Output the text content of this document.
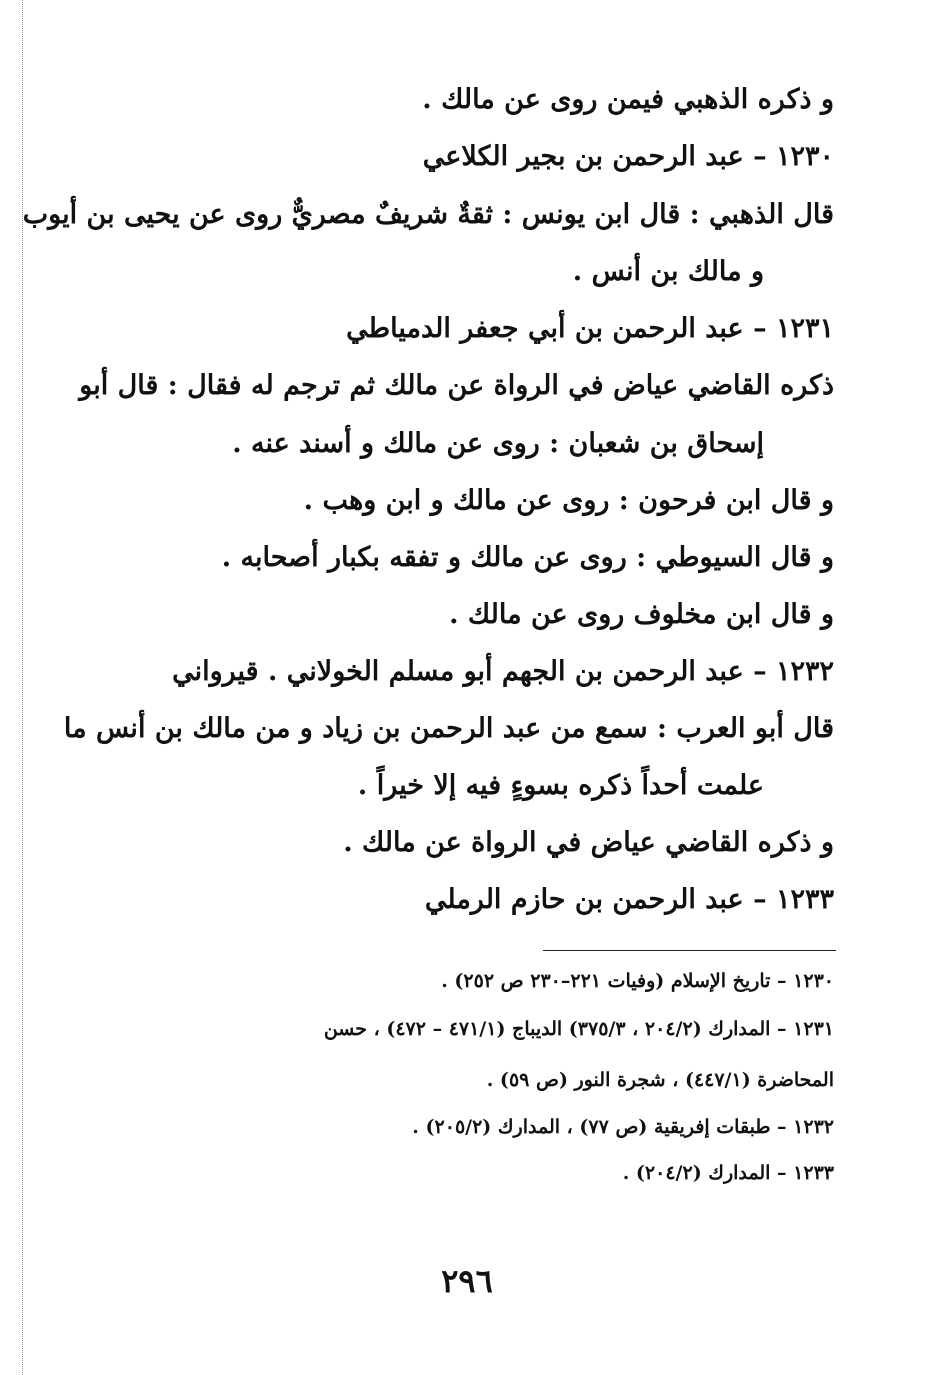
و ذكره الذهبي فيمن روى عن مالك .
١٢٣٠ – عبد الرحمن بن بجير الكلاعي
قال الذهبي : قال ابن يونس : ثقةٌ شريفٌ مصريٌّ روى عن يحيى بن أيوب
و مالك بن أنس .
١٢٣١ – عبد الرحمن بن أبي جعفر الدمياطي
ذكره القاضي عياض في الرواة عن مالك ثم ترجم له فقال : قال أبو
إسحاق بن شعبان : روى عن مالك و أسند عنه .
و قال ابن فرحون : روى عن مالك و ابن وهب .
و قال السيوطي : روى عن مالك و تفقه بكبار أصحابه .
و قال ابن مخلوف روى عن مالك .
١٢٣٢ – عبد الرحمن بن الجهم أبو مسلم الخولاني . قيرواني
قال أبو العرب : سمع من عبد الرحمن بن زياد و من مالك بن أنس ما
علمت أحداً ذكره بسوءٍ فيه إلا خيراً .
و ذكره القاضي عياض في الرواة عن مالك .
١٢٣٣ – عبد الرحمن بن حازم الرملي
١٢٣٠ – تاريخ الإسلام (وفيات ٢٢١–٢٣٠ ص ٢٥٢) .
١٢٣١ – المدارك (٢٠٤/٢ ، ٣٧٥/٣) الديباج (٤٧١/١ – ٤٧٢) ، حسن
المحاضرة (٤٤٧/١) ، شجرة النور (ص ٥٩) .
١٢٣٢ – طبقات إفريقية (ص ٧٧) ، المدارك (٢٠٥/٢) .
١٢٣٣ – المدارك (٢٠٤/٢) .
٢٩٦
